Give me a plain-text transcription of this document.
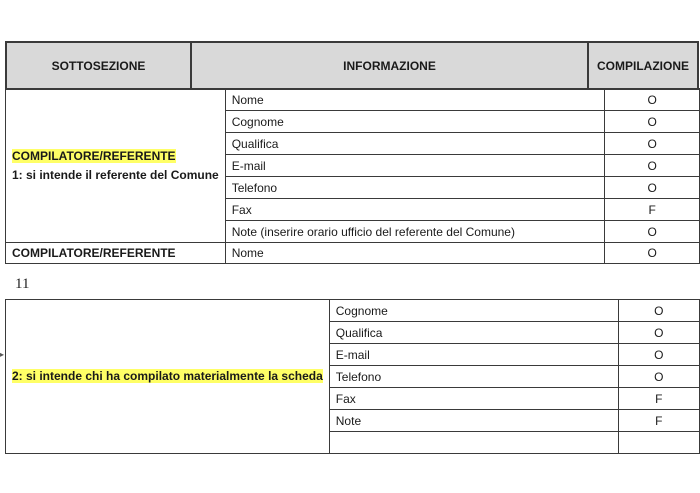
SOTTOSEZIONE	INFORMAZIONE	COMPILAZIONE
COMPILATORE/REFERENTE
1: si intende il referente del Comune	Nome	O
	Cognome	O
	Qualifica	O
	E-mail	O
	Telefono	O
	Fax	F
	Note (inserire orario ufficio del referente del Comune)	O
COMPILATORE/REFERENTE	Nome	O
11
▸
2: si intende chi ha compilato materialmente la scheda	Cognome	O
	Qualifica	O
	E-mail	O
	Telefono	O
	Fax	F
	Note	F
